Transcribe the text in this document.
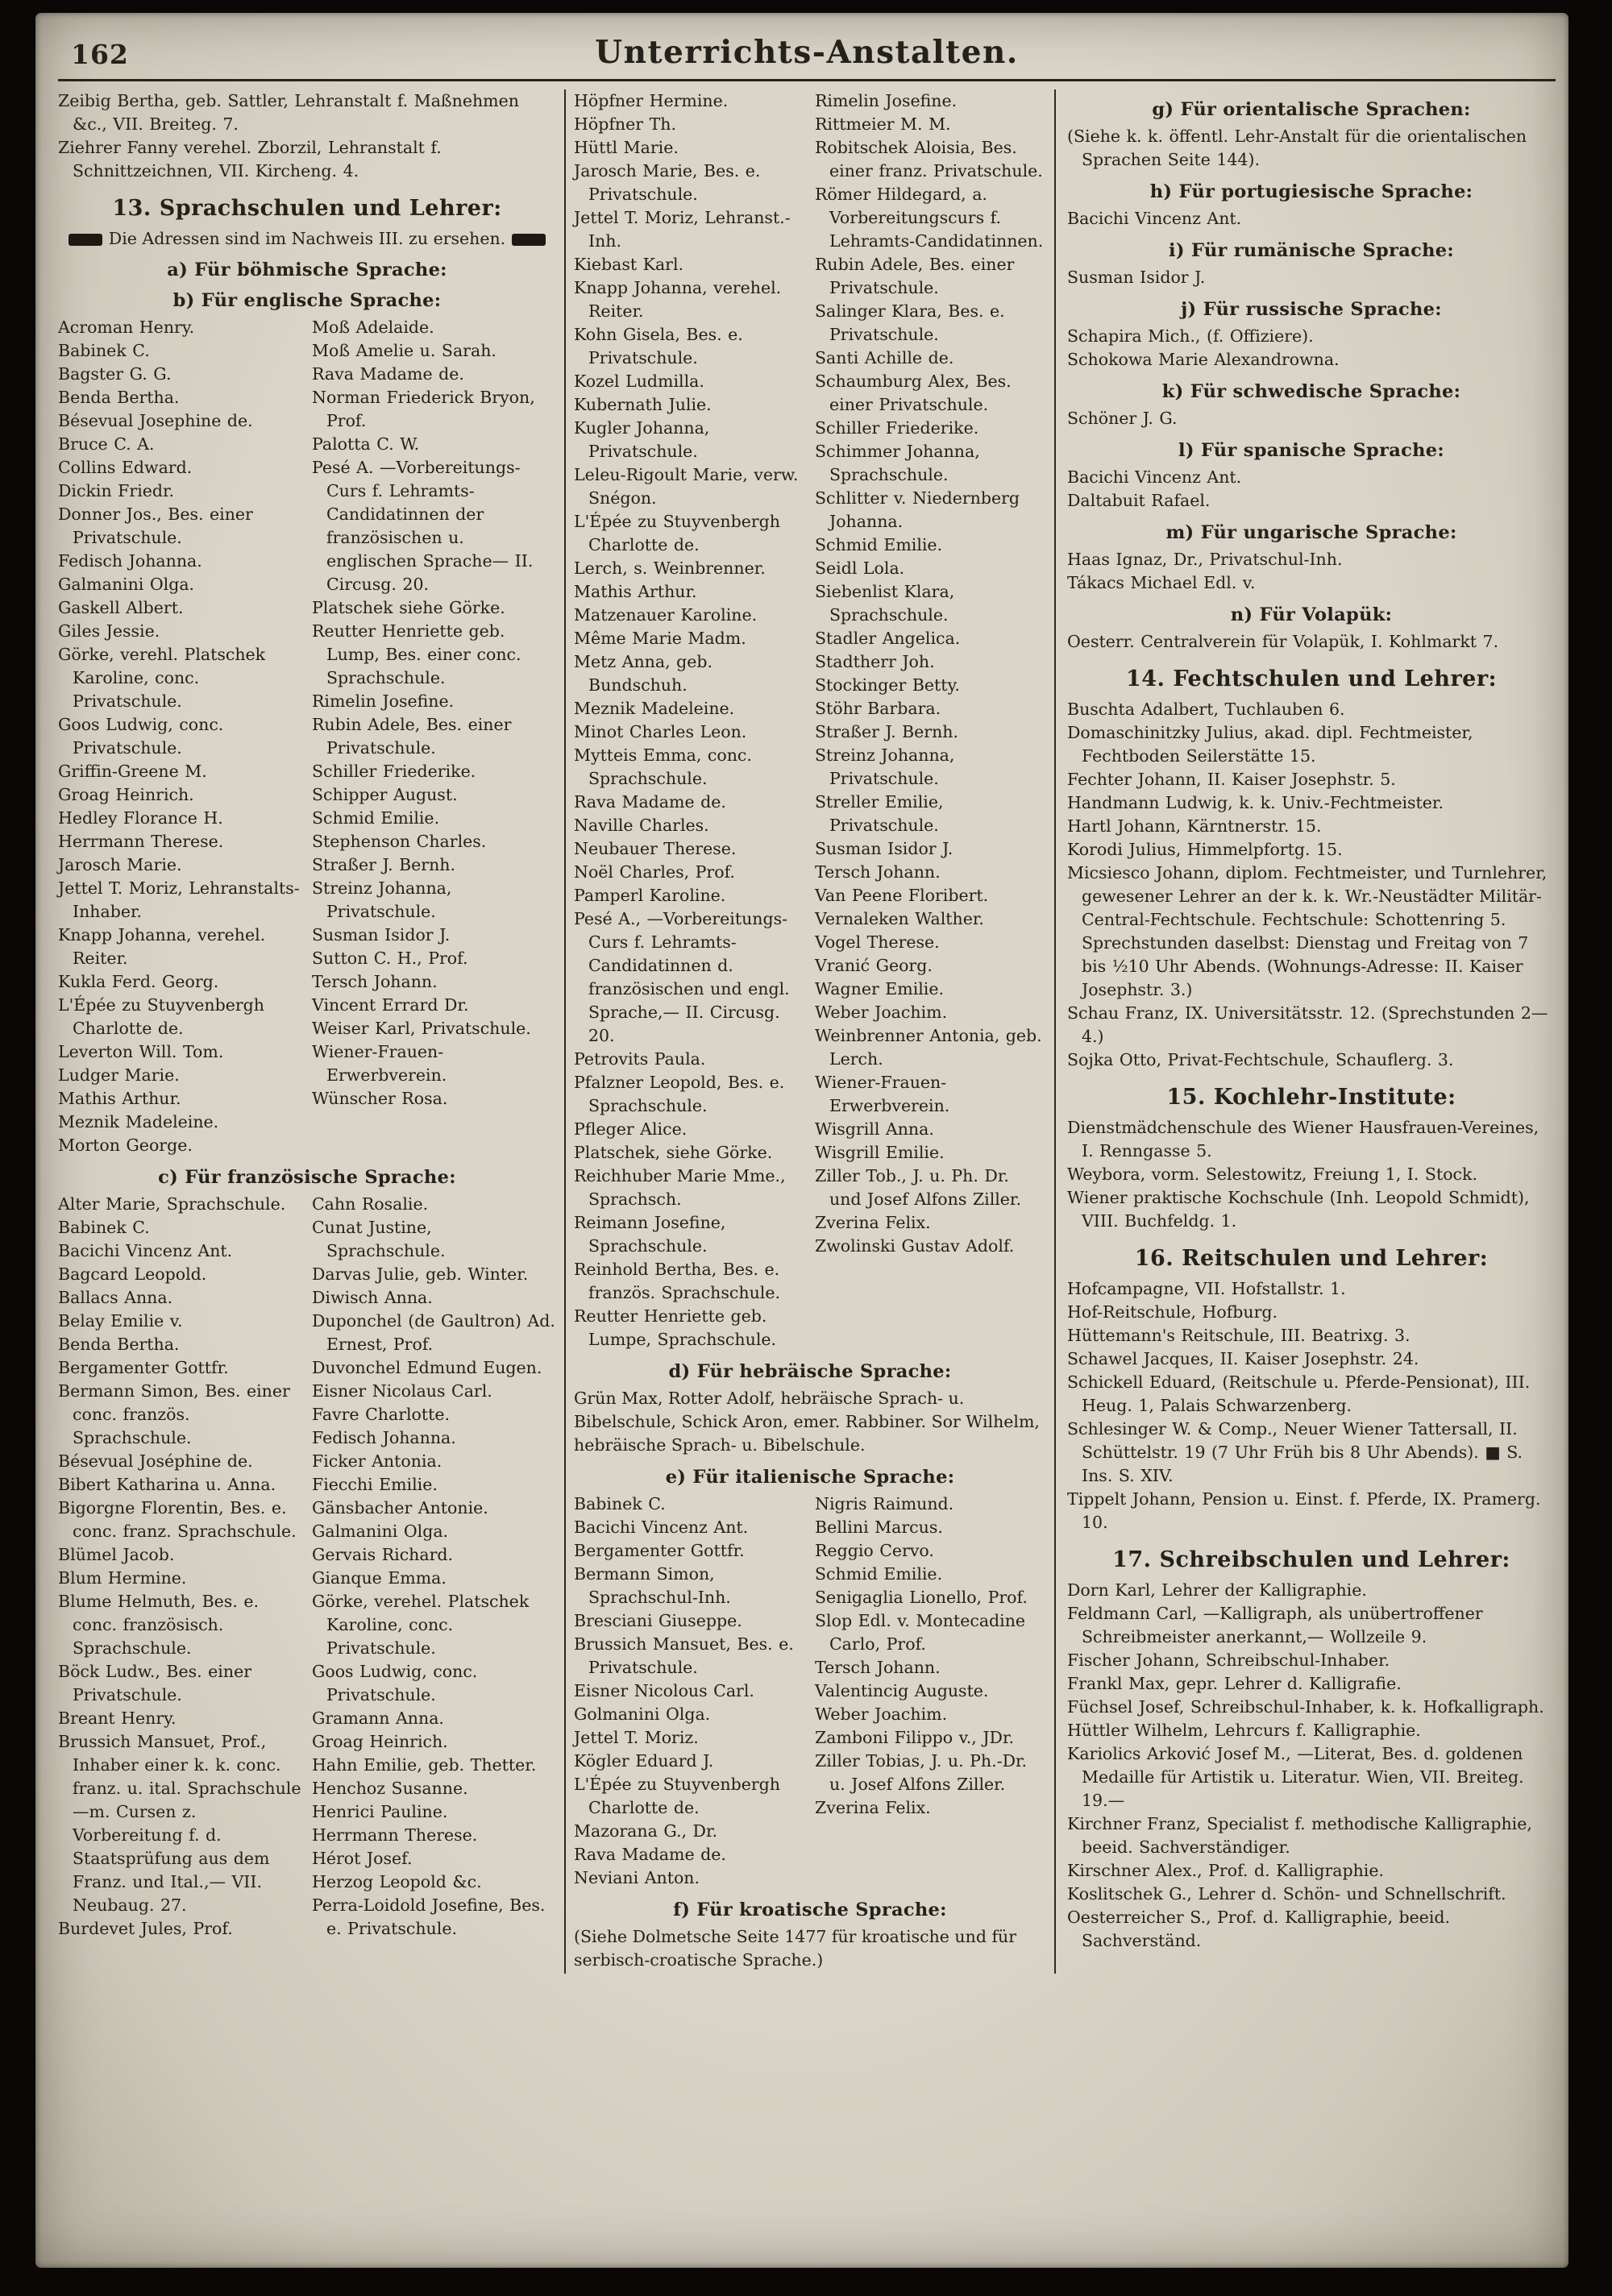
162	Unterrichts-Anstalten.
Zeibig Bertha, geb. Sattler, Lehranstalt f. Maßnehmen &c., VII. Breiteg. 7.
Ziehrer Fanny verehel. Zborzil, Lehranstalt f. Schnittzeichnen, VII. Kircheng. 4.
13. Sprachschulen und Lehrer:
Die Adressen sind im Nachweis III. zu ersehen.
a) Für böhmische Sprache:
b) Für englische Sprache:
Acroman Henry.
Babinek C.
Bagster G. G.
Benda Bertha.
Bésevual Josephine de.
Bruce C. A.
Collins Edward.
Dickin Friedr.
Donner Jos., Bes. einer Privatschule.
Fedisch Johanna.
Galmanini Olga.
Gaskell Albert.
Giles Jessie.
Görke, verehl. Platschek Karoline, conc. Privatschule.
Goos Ludwig, conc. Privatschule.
Griffin-Greene M.
Groag Heinrich.
Hedley Florance H.
Herrmann Therese.
Jarosch Marie.
Jettel T. Moriz, Lehranstalts-Inhaber.
Knapp Johanna, verehel. Reiter.
Kukla Ferd. Georg.
L'Épée zu Stuyvenbergh Charlotte de.
Leverton Will. Tom.
Ludger Marie.
Mathis Arthur.
Meznik Madeleine.
Morton George.
Moß Adelaide.
Moß Amelie u. Sarah.
Rava Madame de.
Norman Friederick Bryon, Prof.
Palotta C. W.
Pesé A. —Vorbereitungs-Curs f. Lehramts-Candidatinnen der französischen u. englischen Sprache— II. Circusg. 20.
Platschek siehe Görke.
Reutter Henriette geb. Lump, Bes. einer conc. Sprachschule.
Rimelin Josefine.
Rubin Adele, Bes. einer Privatschule.
Schiller Friederike.
Schipper August.
Schmid Emilie.
Stephenson Charles.
Straßer J. Bernh.
Streinz Johanna, Privatschule.
Susman Isidor J.
Sutton C. H., Prof.
Tersch Johann.
Vincent Errard Dr.
Weiser Karl, Privatschule.
Wiener-Frauen-Erwerbverein.
Wünscher Rosa.
c) Für französische Sprache:
Alter Marie, Sprachschule.
Babinek C.
Bacichi Vincenz Ant.
Bagcard Leopold.
Ballacs Anna.
Belay Emilie v.
Benda Bertha.
Bergamenter Gottfr.
Bermann Simon, Bes. einer conc. französ. Sprachschule.
Bésevual Joséphine de.
Bibert Katharina u. Anna.
Bigorgne Florentin, Bes. e. conc. franz. Sprachschule.
Blümel Jacob.
Blum Hermine.
Blume Helmuth, Bes. e. conc. französisch. Sprachschule.
Böck Ludw., Bes. einer Privatschule.
Breant Henry.
Brussich Mansuet, Prof., Inhaber einer k. k. conc. franz. u. ital. Sprachschule —m. Cursen z. Vorbereitung f. d. Staatsprüfung aus dem Franz. und Ital.,— VII. Neubaug. 27.
Burdevet Jules, Prof.
Cahn Rosalie.
Cunat Justine, Sprachschule.
Darvas Julie, geb. Winter.
Diwisch Anna.
Duponchel (de Gaultron) Ad. Ernest, Prof.
Duvonchel Edmund Eugen.
Eisner Nicolaus Carl.
Favre Charlotte.
Fedisch Johanna.
Ficker Antonia.
Fiecchi Emilie.
Gänsbacher Antonie.
Galmanini Olga.
Gervais Richard.
Gianque Emma.
Görke, verehel. Platschek Karoline, conc. Privatschule.
Goos Ludwig, conc. Privatschule.
Gramann Anna.
Groag Heinrich.
Hahn Emilie, geb. Thetter.
Henchoz Susanne.
Henrici Pauline.
Herrmann Therese.
Hérot Josef.
Herzog Leopold &c.
Perra-Loidold Josefine, Bes. e. Privatschule.
Höpfner Hermine.
Höpfner Th.
Hüttl Marie.
Jarosch Marie, Bes. e. Privatschule.
Jettel T. Moriz, Lehranst.-Inh.
Kiebast Karl.
Knapp Johanna, verehel. Reiter.
Kohn Gisela, Bes. e. Privatschule.
Kozel Ludmilla.
Kubernath Julie.
Kugler Johanna, Privatschule.
Leleu-Rigoult Marie, verw. Snégon.
L'Épée zu Stuyvenbergh Charlotte de.
Lerch, s. Weinbrenner.
Mathis Arthur.
Matzenauer Karoline.
Même Marie Madm.
Metz Anna, geb. Bundschuh.
Meznik Madeleine.
Minot Charles Leon.
Mytteis Emma, conc. Sprachschule.
Rava Madame de.
Naville Charles.
Neubauer Therese.
Noël Charles, Prof.
Pamperl Karoline.
Pesé A., —Vorbereitungs-Curs f. Lehramts-Candidatinnen d. französischen und engl. Sprache,— II. Circusg. 20.
Petrovits Paula.
Pfalzner Leopold, Bes. e. Sprachschule.
Pfleger Alice.
Platschek, siehe Görke.
Reichhuber Marie Mme., Sprachsch.
Reimann Josefine, Sprachschule.
Reinhold Bertha, Bes. e. französ. Sprachschule.
Reutter Henriette geb. Lumpe, Sprachschule.
Rimelin Josefine.
Rittmeier M. M.
Robitschek Aloisia, Bes. einer franz. Privatschule.
Römer Hildegard, a. Vorbereitungscurs f. Lehramts-Candidatinnen.
Rubin Adele, Bes. einer Privatschule.
Salinger Klara, Bes. e. Privatschule.
Santi Achille de.
Schaumburg Alex, Bes. einer Privatschule.
Schiller Friederike.
Schimmer Johanna, Sprachschule.
Schlitter v. Niedernberg Johanna.
Schmid Emilie.
Seidl Lola.
Siebenlist Klara, Sprachschule.
Stadler Angelica.
Stadtherr Joh.
Stockinger Betty.
Stöhr Barbara.
Straßer J. Bernh.
Streinz Johanna, Privatschule.
Streller Emilie, Privatschule.
Susman Isidor J.
Tersch Johann.
Van Peene Floribert.
Vernaleken Walther.
Vogel Therese.
Vranić Georg.
Wagner Emilie.
Weber Joachim.
Weinbrenner Antonia, geb. Lerch.
Wiener-Frauen-Erwerbverein.
Wisgrill Anna.
Wisgrill Emilie.
Ziller Tob., J. u. Ph. Dr. und Josef Alfons Ziller.
Zverina Felix.
Zwolinski Gustav Adolf.
d) Für hebräische Sprache:
Grün Max, Rotter Adolf, hebräische Sprach- u. Bibelschule, Schick Aron, emer. Rabbiner. Sor Wilhelm, hebräische Sprach- u. Bibelschule.
e) Für italienische Sprache:
Babinek C.
Bacichi Vincenz Ant.
Bergamenter Gottfr.
Bermann Simon, Sprachschul-Inh.
Bresciani Giuseppe.
Brussich Mansuet, Bes. e. Privatschule.
Eisner Nicolous Carl.
Golmanini Olga.
Jettel T. Moriz.
Kögler Eduard J.
L'Épée zu Stuyvenbergh Charlotte de.
Mazorana G., Dr.
Rava Madame de.
Neviani Anton.
Nigris Raimund.
Bellini Marcus.
Reggio Cervo.
Schmid Emilie.
Senigaglia Lionello, Prof.
Slop Edl. v. Montecadine Carlo, Prof.
Tersch Johann.
Valentincig Auguste.
Weber Joachim.
Zamboni Filippo v., JDr.
Ziller Tobias, J. u. Ph.-Dr. u. Josef Alfons Ziller.
Zverina Felix.
f) Für kroatische Sprache:
(Siehe Dolmetsche Seite 1477 für kroatische und für serbisch-croatische Sprache.)
g) Für orientalische Sprachen:
(Siehe k. k. öffentl. Lehr-Anstalt für die orientalischen Sprachen Seite 144).
h) Für portugiesische Sprache:
Bacichi Vincenz Ant.
i) Für rumänische Sprache:
Susman Isidor J.
j) Für russische Sprache:
Schapira Mich., (f. Offiziere).
Schokowa Marie Alexandrowna.
k) Für schwedische Sprache:
Schöner J. G.
l) Für spanische Sprache:
Bacichi Vincenz Ant.
Daltabuit Rafael.
m) Für ungarische Sprache:
Haas Ignaz, Dr., Privatschul-Inh.
Tákacs Michael Edl. v.
n) Für Volapük:
Oesterr. Centralverein für Volapük, I. Kohlmarkt 7.
14. Fechtschulen und Lehrer:
Buschta Adalbert, Tuchlauben 6.
Domaschinitzky Julius, akad. dipl. Fechtmeister, Fechtboden Seilerstätte 15.
Fechter Johann, II. Kaiser Josephstr. 5.
Handmann Ludwig, k. k. Univ.-Fechtmeister.
Hartl Johann, Kärntnerstr. 15.
Korodi Julius, Himmelpfortg. 15.
Micsiesco Johann, diplom. Fechtmeister, und Turnlehrer, gewesener Lehrer an der k. k. Wr.-Neustädter Militär-Central-Fechtschule. Fechtschule: Schottenring 5. Sprechstunden daselbst: Dienstag und Freitag von 7 bis ½10 Uhr Abends. (Wohnungs-Adresse: II. Kaiser Josephstr. 3.)
Schau Franz, IX. Universitätsstr. 12. (Sprechstunden 2—4.)
Sojka Otto, Privat-Fechtschule, Schauflerg. 3.
15. Kochlehr-Institute:
Dienstmädchenschule des Wiener Hausfrauen-Vereines, I. Renngasse 5.
Weybora, vorm. Selestowitz, Freiung 1, I. Stock.
Wiener praktische Kochschule (Inh. Leopold Schmidt), VIII. Buchfeldg. 1.
16. Reitschulen und Lehrer:
Hofcampagne, VII. Hofstallstr. 1.
Hof-Reitschule, Hofburg.
Hüttemann's Reitschule, III. Beatrixg. 3.
Schawel Jacques, II. Kaiser Josephstr. 24.
Schickell Eduard, (Reitschule u. Pferde-Pensionat), III. Heug. 1, Palais Schwarzenberg.
Schlesinger W. & Comp., Neuer Wiener Tattersall, II. Schüttelstr. 19 (7 Uhr Früh bis 8 Uhr Abends). ■ S. Ins. S. XIV.
Tippelt Johann, Pension u. Einst. f. Pferde, IX. Pramerg. 10.
17. Schreibschulen und Lehrer:
Dorn Karl, Lehrer der Kalligraphie.
Feldmann Carl, —Kalligraph, als unübertroffener Schreibmeister anerkannt,— Wollzeile 9.
Fischer Johann, Schreibschul-Inhaber.
Frankl Max, gepr. Lehrer d. Kalligrafie.
Füchsel Josef, Schreibschul-Inhaber, k. k. Hofkalligraph.
Hüttler Wilhelm, Lehrcurs f. Kalligraphie.
Kariolics Arković Josef M., —Literat, Bes. d. goldenen Medaille für Artistik u. Literatur. Wien, VII. Breiteg. 19.—
Kirchner Franz, Specialist f. methodische Kalligraphie, beeid. Sachverständiger.
Kirschner Alex., Prof. d. Kalligraphie.
Koslitschek G., Lehrer d. Schön- und Schnellschrift.
Oesterreicher S., Prof. d. Kalligraphie, beeid. Sachverständ.
